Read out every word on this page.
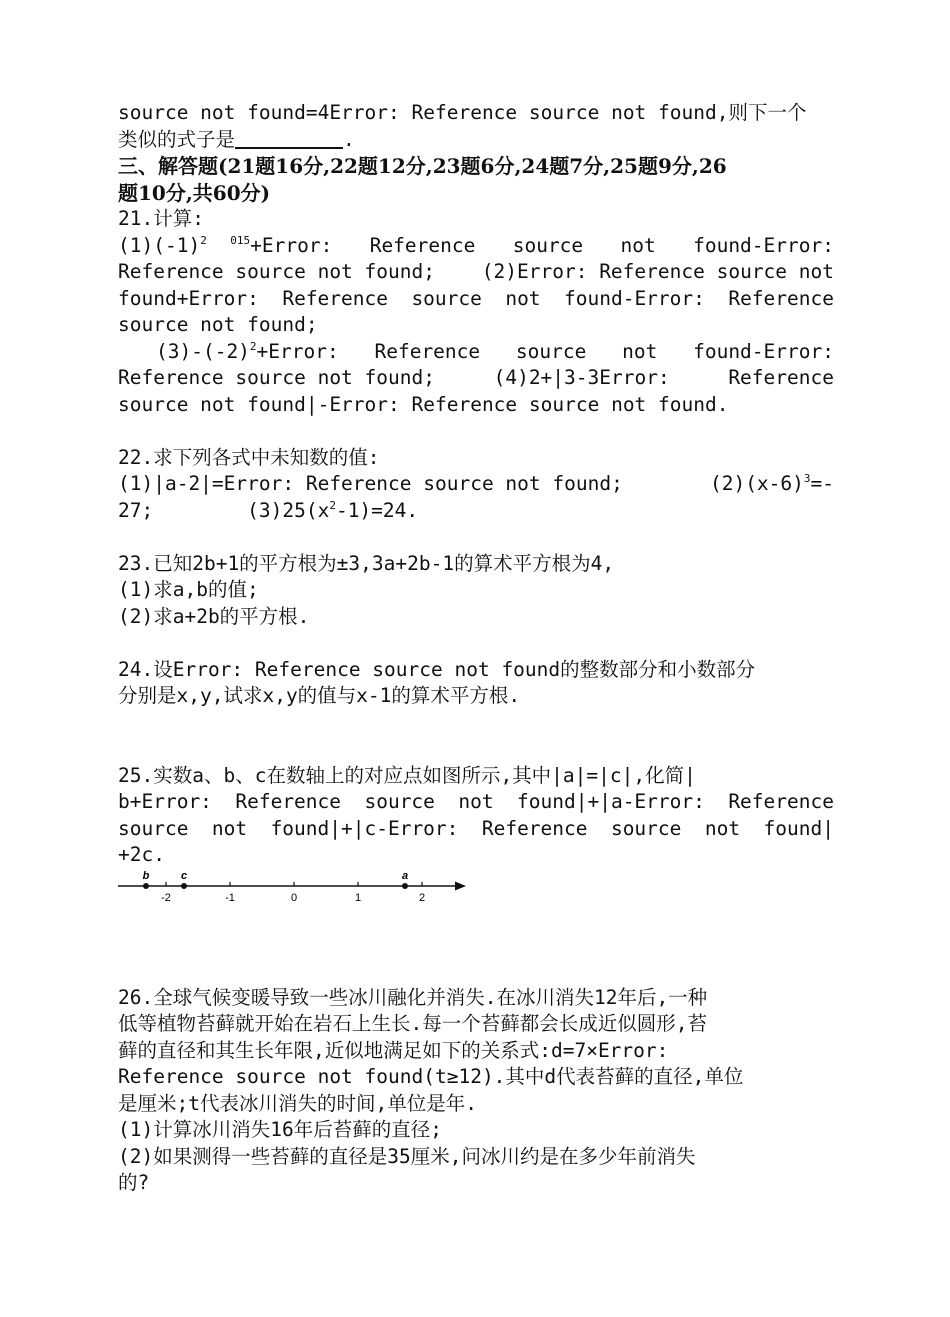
source not found=4Error: Reference source not found,则下一个
类似的式子是	.
三、解答题(21题16分,22题12分,23题6分,24题7分,25题9分,26
题10分,共60分)
21.计算:
$(1)(-1)^2$ $^{015}$+Error: Reference source not found-Error:
Reference source not found; (2)Error: Reference source not
found+Error: Reference source not found-Error: Reference
source not found;
$(3)-(-2)^2+Error$: Reference source not found-Error:
Reference source not found;	(4)2+|3-3Error:	Reference
source not found|-Error: Reference source not found.
22.求下列各式中未知数的值:
(1)|a-2|=Error: Reference source not found;	$(2)(x-6)^3=-$
27;        $(3)25(x^2-1)=24$.
23.已知2b+1的平方根为±3,3a+2b-1的算术平方根为4,
(1)求a,b的值;
(2)求a+2b的平方根.
24.设Error: Reference source not found的整数部分和小数部分
分别是x,y,试求x,y的值与x-1的算术平方根.
25.实数a、b、c在数轴上的对应点如图所示,其中|a|=|c|,化简|
b+Error: Reference source not found|+|a-Error: Reference
source not found|+|c-Error: Reference source not found|
+2c.
-2	-1	0	1	2
b	c	a
26.全球气候变暖导致一些冰川融化并消失.在冰川消失12年后,一种
低等植物苔藓就开始在岩石上生长.每一个苔藓都会长成近似圆形,苔
藓的直径和其生长年限,近似地满足如下的关系式:d=7×Error:
Reference source not found(t≥12).其中d代表苔藓的直径,单位
是厘米;t代表冰川消失的时间,单位是年.
(1)计算冰川消失16年后苔藓的直径;
(2)如果测得一些苔藓的直径是35厘米,问冰川约是在多少年前消失
的?
